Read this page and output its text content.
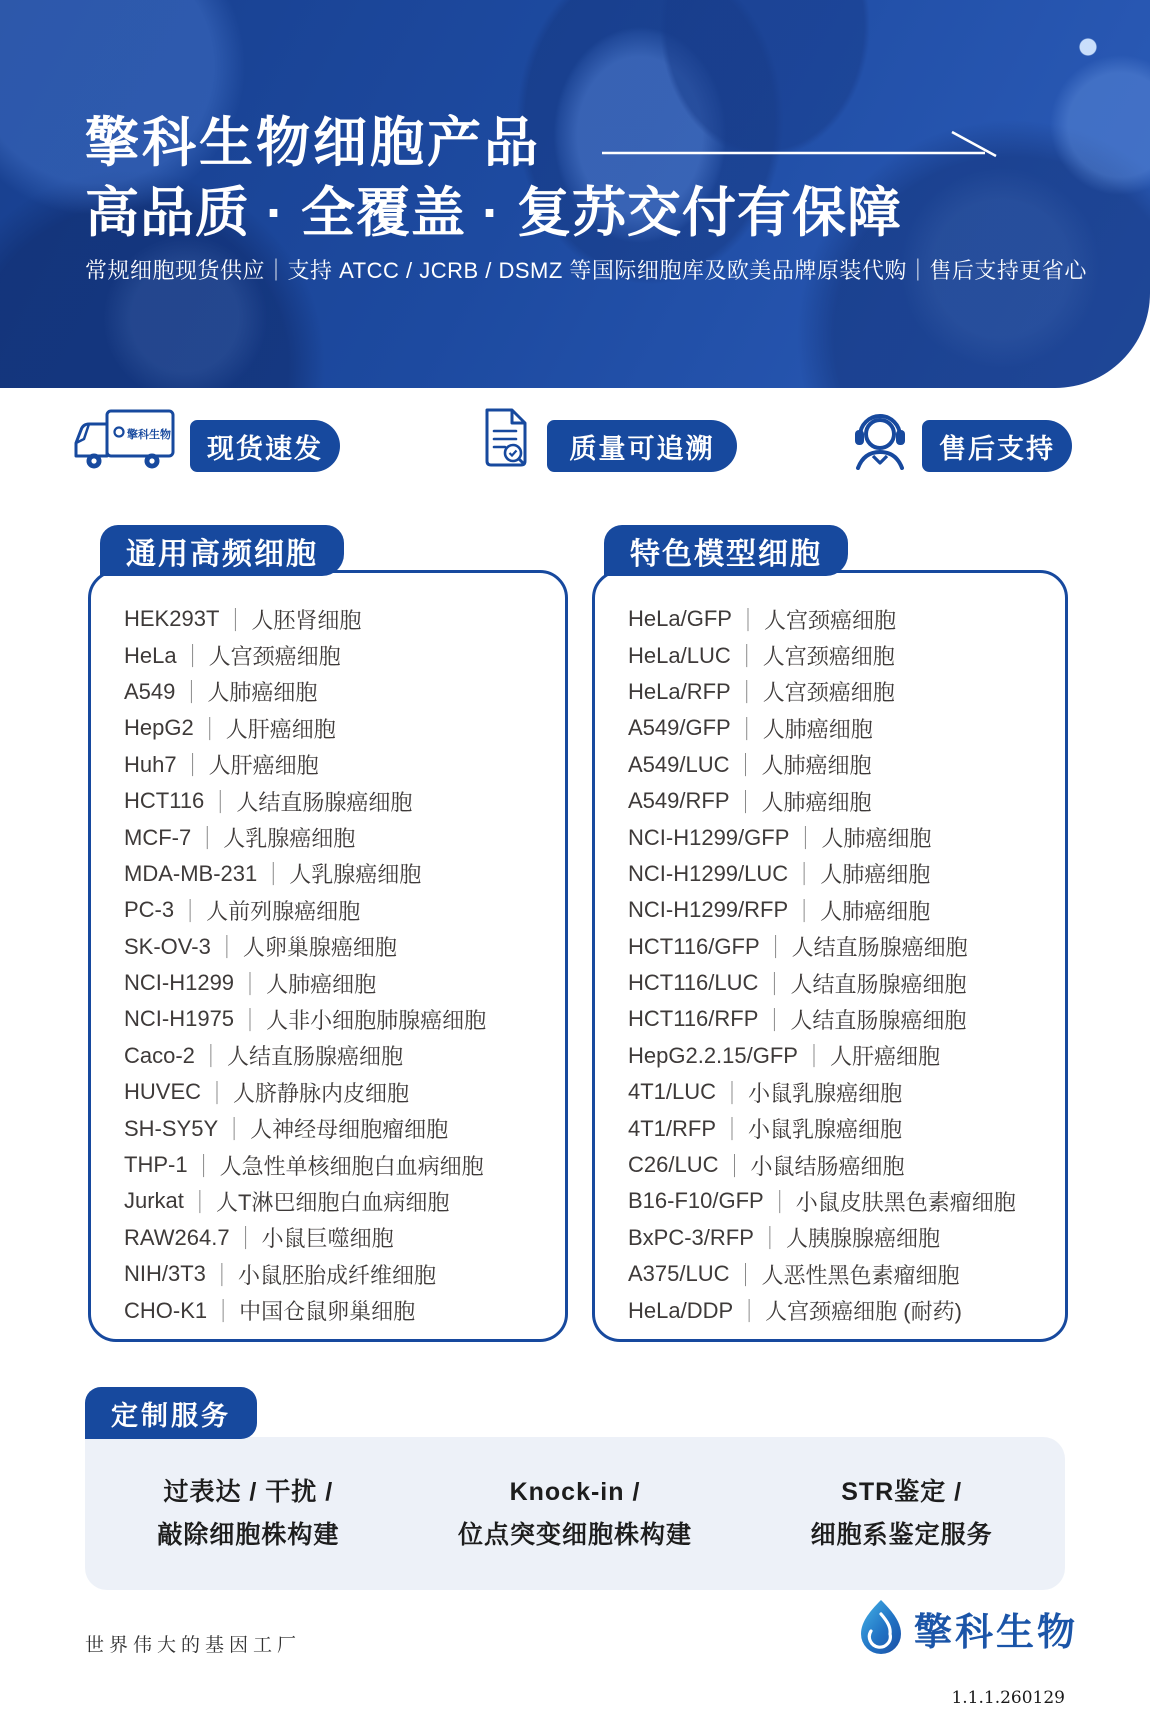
擎科生物细胞产品
高品质 · 全覆盖 · 复苏交付有保障
常规细胞现货供应｜支持 ATCC / JCRB / DSMZ 等国际细胞库及欧美品牌原装代购｜售后支持更省心
擎科生物	现货速发	质量可追溯	售后支持
通用高频细胞
HEK293T ｜ 人胚肾细胞
HeLa ｜ 人宫颈癌细胞
A549 ｜ 人肺癌细胞
HepG2 ｜ 人肝癌细胞
Huh7 ｜ 人肝癌细胞
HCT116 ｜ 人结直肠腺癌细胞
MCF-7 ｜ 人乳腺癌细胞
MDA-MB-231 ｜ 人乳腺癌细胞
PC-3 ｜ 人前列腺癌细胞
SK-OV-3 ｜ 人卵巢腺癌细胞
NCI-H1299 ｜ 人肺癌细胞
NCI-H1975 ｜ 人非小细胞肺腺癌细胞
Caco-2 ｜ 人结直肠腺癌细胞
HUVEC ｜ 人脐静脉内皮细胞
SH-SY5Y ｜ 人神经母细胞瘤细胞
THP-1 ｜ 人急性单核细胞白血病细胞
Jurkat ｜ 人T淋巴细胞白血病细胞
RAW264.7 ｜ 小鼠巨噬细胞
NIH/3T3 ｜ 小鼠胚胎成纤维细胞
CHO-K1 ｜ 中国仓鼠卵巢细胞
特色模型细胞
HeLa/GFP ｜ 人宫颈癌细胞
HeLa/LUC ｜ 人宫颈癌细胞
HeLa/RFP ｜ 人宫颈癌细胞
A549/GFP ｜ 人肺癌细胞
A549/LUC ｜ 人肺癌细胞
A549/RFP ｜ 人肺癌细胞
NCI-H1299/GFP ｜ 人肺癌细胞
NCI-H1299/LUC ｜ 人肺癌细胞
NCI-H1299/RFP ｜ 人肺癌细胞
HCT116/GFP ｜ 人结直肠腺癌细胞
HCT116/LUC ｜ 人结直肠腺癌细胞
HCT116/RFP ｜ 人结直肠腺癌细胞
HepG2.2.15/GFP ｜ 人肝癌细胞
4T1/LUC ｜ 小鼠乳腺癌细胞
4T1/RFP ｜ 小鼠乳腺癌细胞
C26/LUC ｜ 小鼠结肠癌细胞
B16-F10/GFP ｜ 小鼠皮肤黑色素瘤细胞
BxPC-3/RFP ｜ 人胰腺腺癌细胞
A375/LUC ｜ 人恶性黑色素瘤细胞
HeLa/DDP ｜ 人宫颈癌细胞 (耐药)
定制服务
过表达 / 干扰 /
敲除细胞株构建
Knock-in /
位点突变细胞株构建
STR鉴定 /
细胞系鉴定服务
世界伟大的基因工厂	擎科生物
1.1.1.260129
